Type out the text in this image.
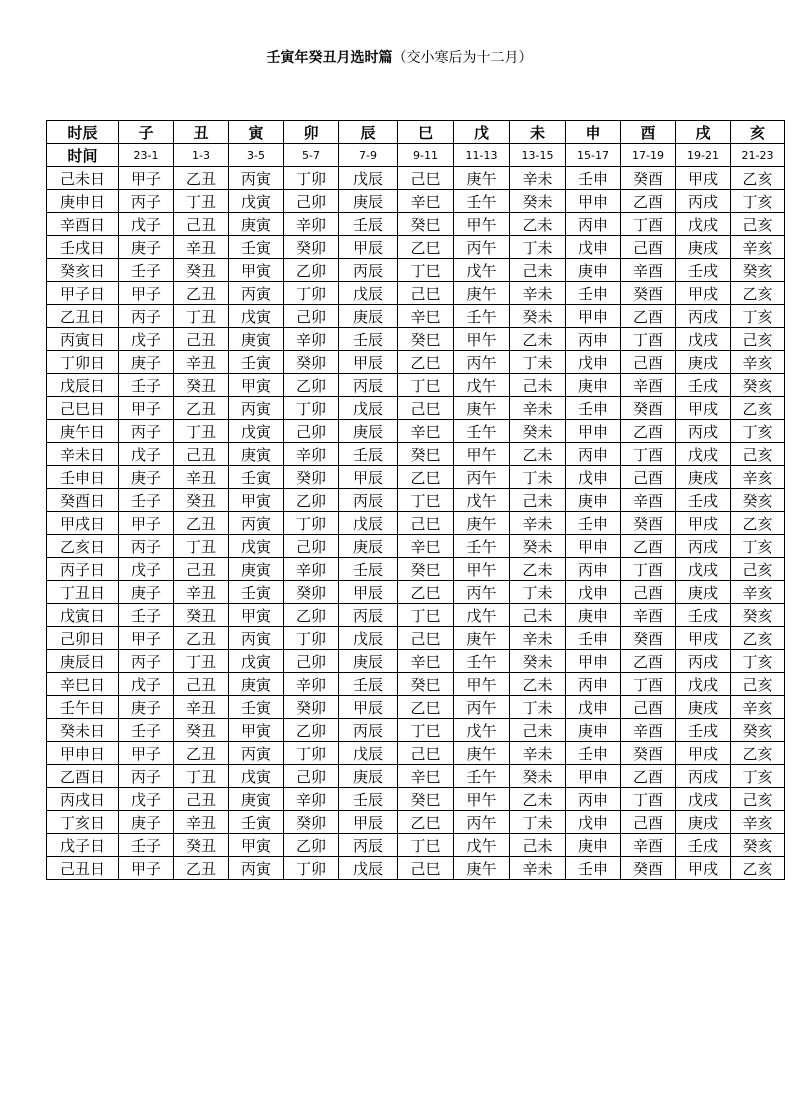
壬寅年癸丑月选时篇（交小寒后为十二月）
时辰	子	丑	寅	卯	辰	巳	戊	未	申	酉	戌	亥
时间	23-1	1-3	3-5	5-7	7-9	9-11	11-13	13-15	15-17	17-19	19-21	21-23
己未日	甲子	乙丑	丙寅	丁卯	戊辰	己巳	庚午	辛未	壬申	癸酉	甲戌	乙亥
庚申日	丙子	丁丑	戊寅	己卯	庚辰	辛巳	壬午	癸未	甲申	乙酉	丙戌	丁亥
辛酉日	戊子	己丑	庚寅	辛卯	壬辰	癸巳	甲午	乙未	丙申	丁酉	戊戌	己亥
壬戌日	庚子	辛丑	壬寅	癸卯	甲辰	乙巳	丙午	丁未	戊申	己酉	庚戌	辛亥
癸亥日	壬子	癸丑	甲寅	乙卯	丙辰	丁巳	戊午	己未	庚申	辛酉	壬戌	癸亥
甲子日	甲子	乙丑	丙寅	丁卯	戊辰	己巳	庚午	辛未	壬申	癸酉	甲戌	乙亥
乙丑日	丙子	丁丑	戊寅	己卯	庚辰	辛巳	壬午	癸未	甲申	乙酉	丙戌	丁亥
丙寅日	戊子	己丑	庚寅	辛卯	壬辰	癸巳	甲午	乙未	丙申	丁酉	戊戌	己亥
丁卯日	庚子	辛丑	壬寅	癸卯	甲辰	乙巳	丙午	丁未	戊申	己酉	庚戌	辛亥
戊辰日	壬子	癸丑	甲寅	乙卯	丙辰	丁巳	戊午	己未	庚申	辛酉	壬戌	癸亥
己巳日	甲子	乙丑	丙寅	丁卯	戊辰	己巳	庚午	辛未	壬申	癸酉	甲戌	乙亥
庚午日	丙子	丁丑	戊寅	己卯	庚辰	辛巳	壬午	癸未	甲申	乙酉	丙戌	丁亥
辛未日	戊子	己丑	庚寅	辛卯	壬辰	癸巳	甲午	乙未	丙申	丁酉	戊戌	己亥
壬申日	庚子	辛丑	壬寅	癸卯	甲辰	乙巳	丙午	丁未	戊申	己酉	庚戌	辛亥
癸酉日	壬子	癸丑	甲寅	乙卯	丙辰	丁巳	戊午	己未	庚申	辛酉	壬戌	癸亥
甲戌日	甲子	乙丑	丙寅	丁卯	戊辰	己巳	庚午	辛未	壬申	癸酉	甲戌	乙亥
乙亥日	丙子	丁丑	戊寅	己卯	庚辰	辛巳	壬午	癸未	甲申	乙酉	丙戌	丁亥
丙子日	戊子	己丑	庚寅	辛卯	壬辰	癸巳	甲午	乙未	丙申	丁酉	戊戌	己亥
丁丑日	庚子	辛丑	壬寅	癸卯	甲辰	乙巳	丙午	丁未	戊申	己酉	庚戌	辛亥
戊寅日	壬子	癸丑	甲寅	乙卯	丙辰	丁巳	戊午	己未	庚申	辛酉	壬戌	癸亥
己卯日	甲子	乙丑	丙寅	丁卯	戊辰	己巳	庚午	辛未	壬申	癸酉	甲戌	乙亥
庚辰日	丙子	丁丑	戊寅	己卯	庚辰	辛巳	壬午	癸未	甲申	乙酉	丙戌	丁亥
辛巳日	戊子	己丑	庚寅	辛卯	壬辰	癸巳	甲午	乙未	丙申	丁酉	戊戌	己亥
壬午日	庚子	辛丑	壬寅	癸卯	甲辰	乙巳	丙午	丁未	戊申	己酉	庚戌	辛亥
癸未日	壬子	癸丑	甲寅	乙卯	丙辰	丁巳	戊午	己未	庚申	辛酉	壬戌	癸亥
甲申日	甲子	乙丑	丙寅	丁卯	戊辰	己巳	庚午	辛未	壬申	癸酉	甲戌	乙亥
乙酉日	丙子	丁丑	戊寅	己卯	庚辰	辛巳	壬午	癸未	甲申	乙酉	丙戌	丁亥
丙戌日	戊子	己丑	庚寅	辛卯	壬辰	癸巳	甲午	乙未	丙申	丁酉	戊戌	己亥
丁亥日	庚子	辛丑	壬寅	癸卯	甲辰	乙巳	丙午	丁未	戊申	己酉	庚戌	辛亥
戊子日	壬子	癸丑	甲寅	乙卯	丙辰	丁巳	戊午	己未	庚申	辛酉	壬戌	癸亥
己丑日	甲子	乙丑	丙寅	丁卯	戊辰	己巳	庚午	辛未	壬申	癸酉	甲戌	乙亥
